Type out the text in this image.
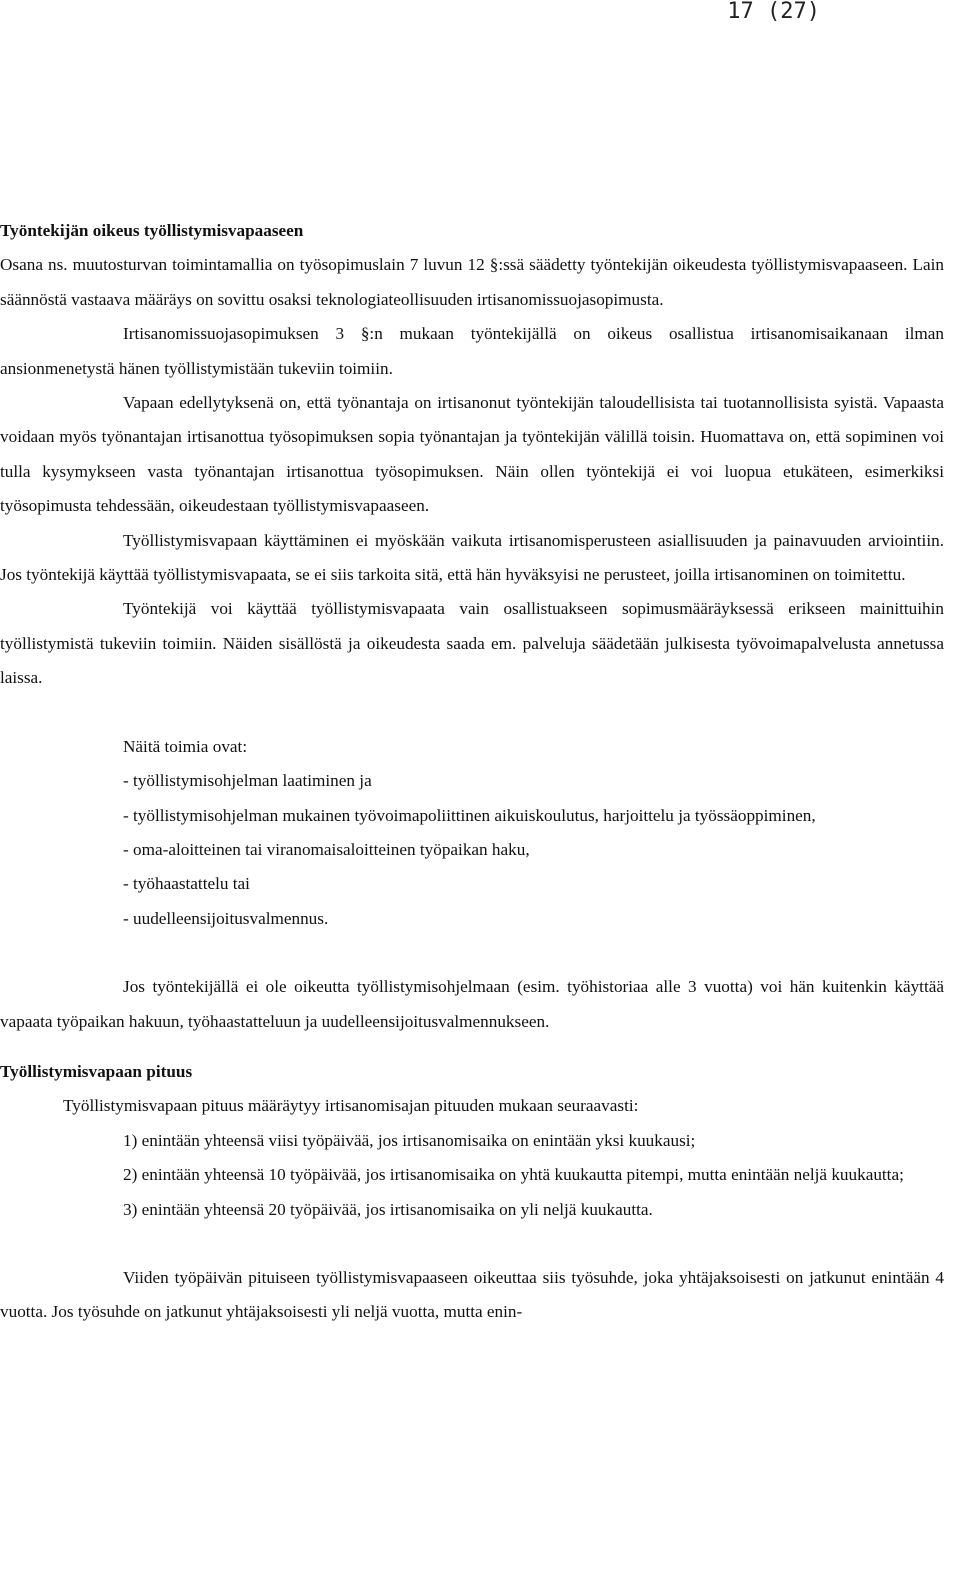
17 (27)
Työntekijän oikeus työllistymisvapaaseen

Osana ns. muutosturvan toimintamallia on työsopimuslain 7 luvun 12 §:ssä säädetty työntekijän oikeudesta työllistymisvapaaseen. Lain säännöstä vastaava määräys on sovittu osaksi teknologiateollisuuden irtisanomissuojasopimusta.

Irtisanomissuojasopimuksen 3 §:n mukaan työntekijällä on oikeus osallistua irtisanomisaikanaan ilman ansionmenetystä hänen työllistymistään tukeviin toimiin.

Vapaan edellytyksenä on, että työnantaja on irtisanonut työntekijän taloudellisista tai tuotannollisista syistä. Vapaasta voidaan myös työnantajan irtisanottua työsopimuksen sopia työnantajan ja työntekijän välillä toisin. Huomattava on, että sopiminen voi tulla kysymykseen vasta työnantajan irtisanottua työsopimuksen. Näin ollen työntekijä ei voi luopua etukäteen, esimerkiksi työsopimusta tehdessään, oikeudestaan työllistymisvapaaseen.

Työllistymisvapaan käyttäminen ei myöskään vaikuta irtisanomisperusteen asiallisuuden ja painavuuden arviointiin. Jos työntekijä käyttää työllistymisvapaata, se ei siis tarkoita sitä, että hän hyväksyisi ne perusteet, joilla irtisanominen on toimitettu.

Työntekijä voi käyttää työllistymisvapaata vain osallistuakseen sopimusmääräyksessä erikseen mainittuihin työllistymistä tukeviin toimiin. Näiden sisällöstä ja oikeudesta saada em. palveluja säädetään julkisesta työvoimapalvelusta annetussa laissa.

Näitä toimia ovat:

- työllistymisohjelman laatiminen ja
- työllistymisohjelman mukainen työvoimapoliittinen aikuiskoulutus, harjoittelu ja työssäoppiminen,
- oma-aloitteinen tai viranomaisaloitteinen työpaikan haku,
- työhaastattelu tai
- uudelleensijoitusvalmennus.

Jos työntekijällä ei ole oikeutta työllistymisohjelmaan (esim. työhistoriaa alle 3 vuotta) voi hän kuitenkin käyttää vapaata työpaikan hakuun, työhaastatteluun ja uudelleensijoitusvalmennukseen.

Työllistymisvapaan pituus

Työllistymisvapaan pituus määräytyy irtisanomisajan pituuden mukaan seuraavasti:

1) enintään yhteensä viisi työpäivää, jos irtisanomisaika on enintään yksi kuukausi;
2) enintään yhteensä 10 työpäivää, jos irtisanomisaika on yhtä kuukautta pitempi, mutta enintään neljä kuukautta;
3) enintään yhteensä 20 työpäivää, jos irtisanomisaika on yli neljä kuukautta.

Viiden työpäivän pituiseen työllistymisvapaaseen oikeuttaa siis työsuhde, joka yhtäjaksoisesti on jatkunut enintään 4 vuotta. Jos työsuhde on jatkunut yhtäjaksoisesti yli neljä vuotta, mutta enin-
